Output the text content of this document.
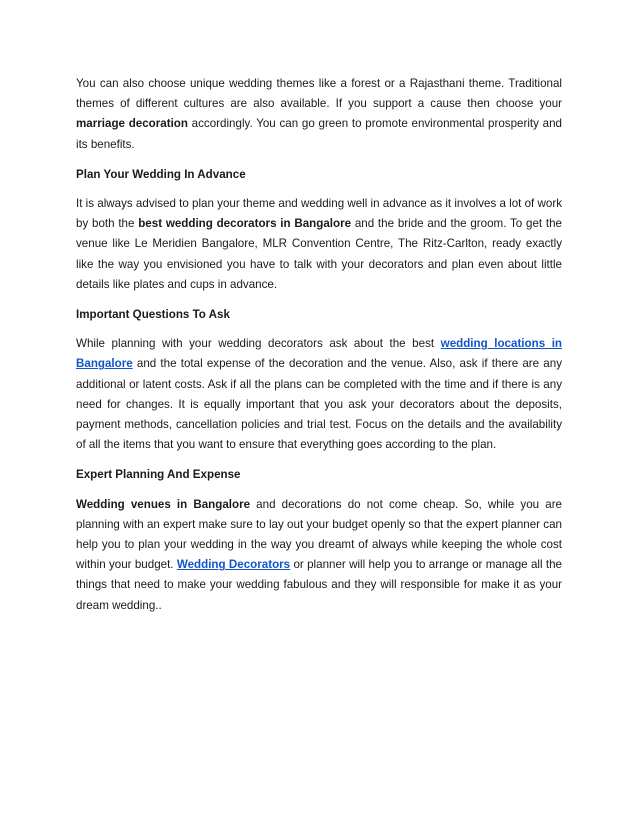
You can also choose unique wedding themes like a forest or a Rajasthani theme. Traditional themes of different cultures are also available. If you support a cause then choose your marriage decoration accordingly. You can go green to promote environmental prosperity and its benefits.

Plan Your Wedding In Advance

It is always advised to plan your theme and wedding well in advance as it involves a lot of work by both the best wedding decorators in Bangalore and the bride and the groom. To get the venue like Le Meridien Bangalore, MLR Convention Centre, The Ritz-Carlton, ready exactly like the way you envisioned you have to talk with your decorators and plan even about little details like plates and cups in advance.

Important Questions To Ask

While planning with your wedding decorators ask about the best wedding locations in Bangalore and the total expense of the decoration and the venue. Also, ask if there are any additional or latent costs. Ask if all the plans can be completed with the time and if there is any need for changes. It is equally important that you ask your decorators about the deposits, payment methods, cancellation policies and trial test. Focus on the details and the availability of all the items that you want to ensure that everything goes according to the plan.

Expert Planning And Expense

Wedding venues in Bangalore and decorations do not come cheap. So, while you are planning with an expert make sure to lay out your budget openly so that the expert planner can help you to plan your wedding in the way you dreamt of always while keeping the whole cost within your budget. Wedding Decorators or planner will help you to arrange or manage all the things that need to make your wedding fabulous and they will responsible for make it as your dream wedding..
